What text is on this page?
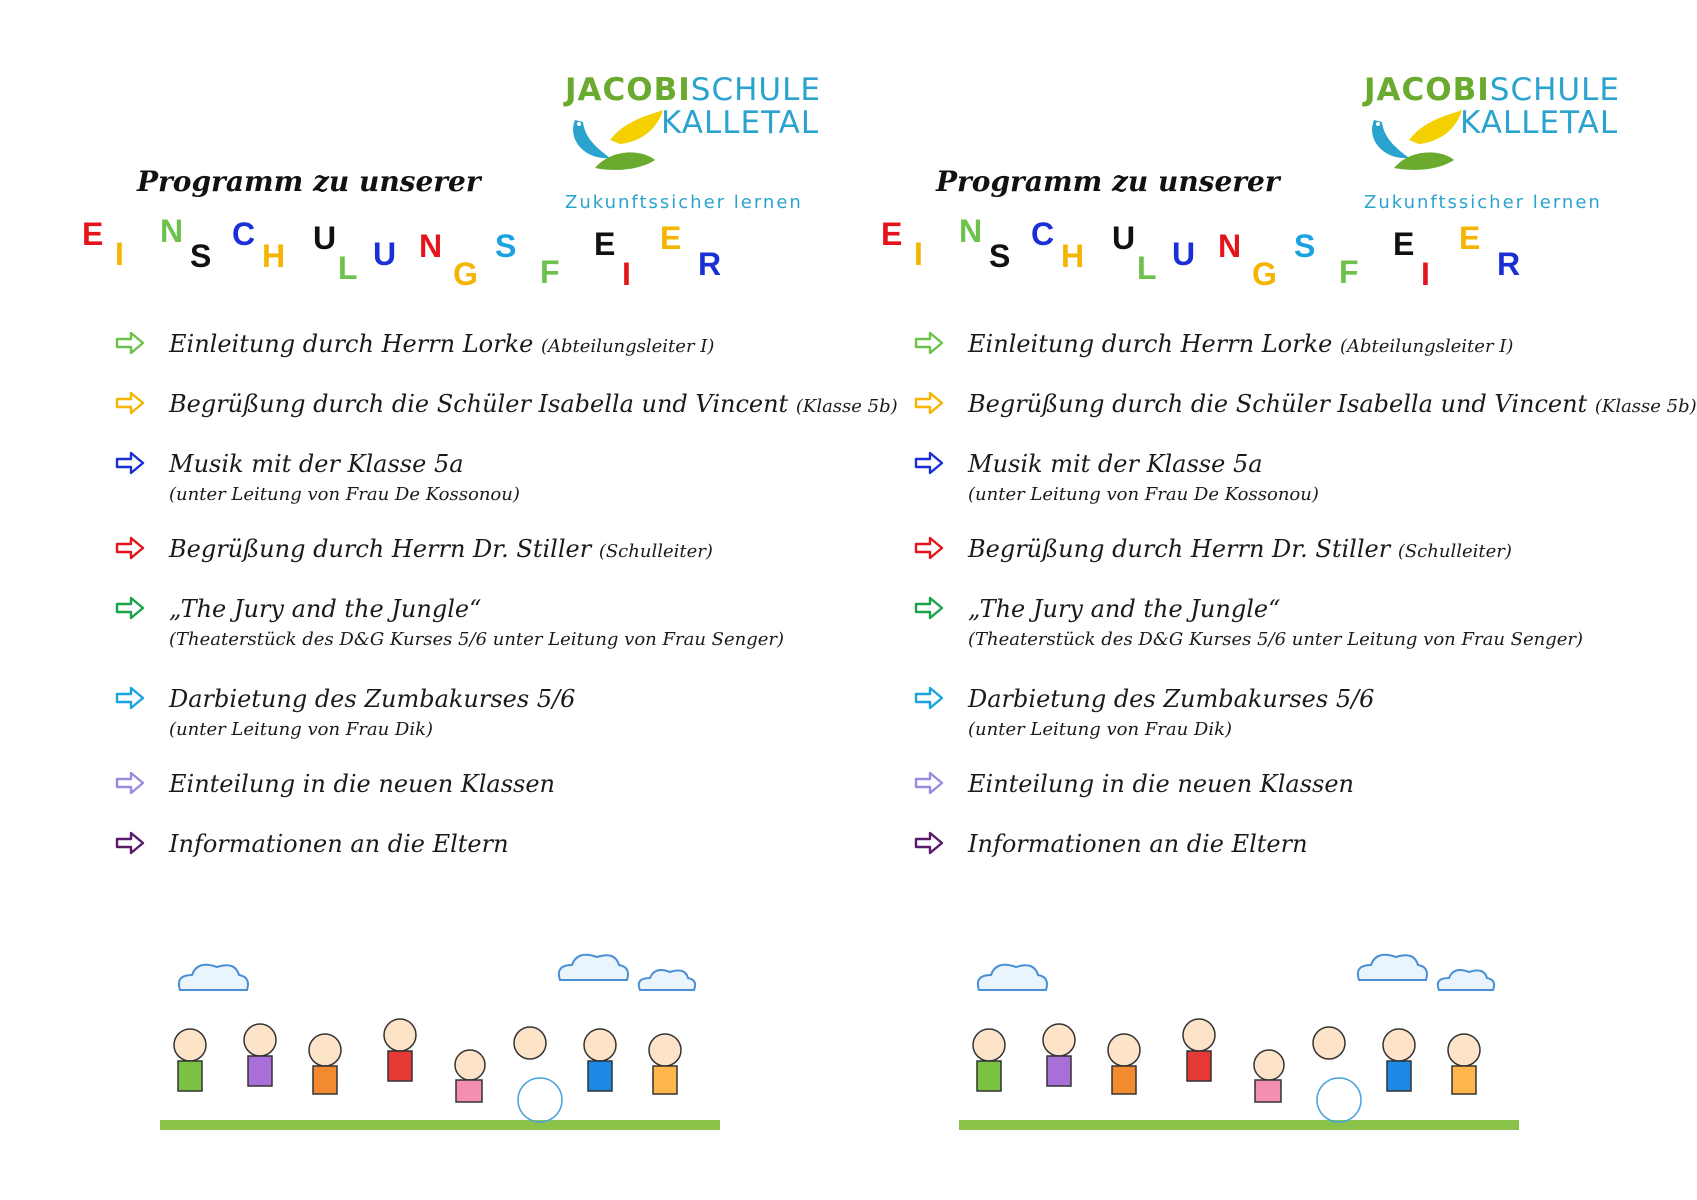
JACOBISCHULE
KALLETAL
Zukunftssicher lernen
Programm zu unserer
E
I
N
S
C
H U
L U N
G
S
F
E
I
E
R
Einleitung durch Herrn Lorke (Abteilungsleiter I)
Begrüßung durch die Schüler Isabella und Vincent (Klasse 5b)
Musik mit der Klasse 5a
(unter Leitung von Frau De Kossonou)
Begrüßung durch Herrn Dr. Stiller (Schulleiter)
„The Jury and the Jungle“
(Theaterstück des D&G Kurses 5/6 unter Leitung von Frau Senger)
Darbietung des Zumbakurses 5/6
(unter Leitung von Frau Dik)
Einteilung in die neuen Klassen
Informationen an die Eltern
JACOBISCHULE
KALLETAL
Zukunftssicher lernen
Programm zu unserer
E
I
N
S
C
H U
L U N
G
S
F
E
I
E
R
Einleitung durch Herrn Lorke (Abteilungsleiter I)
Begrüßung durch die Schüler Isabella und Vincent (Klasse 5b)
Musik mit der Klasse 5a
(unter Leitung von Frau De Kossonou)
Begrüßung durch Herrn Dr. Stiller (Schulleiter)
„The Jury and the Jungle“
(Theaterstück des D&G Kurses 5/6 unter Leitung von Frau Senger)
Darbietung des Zumbakurses 5/6
(unter Leitung von Frau Dik)
Einteilung in die neuen Klassen
Informationen an die Eltern
